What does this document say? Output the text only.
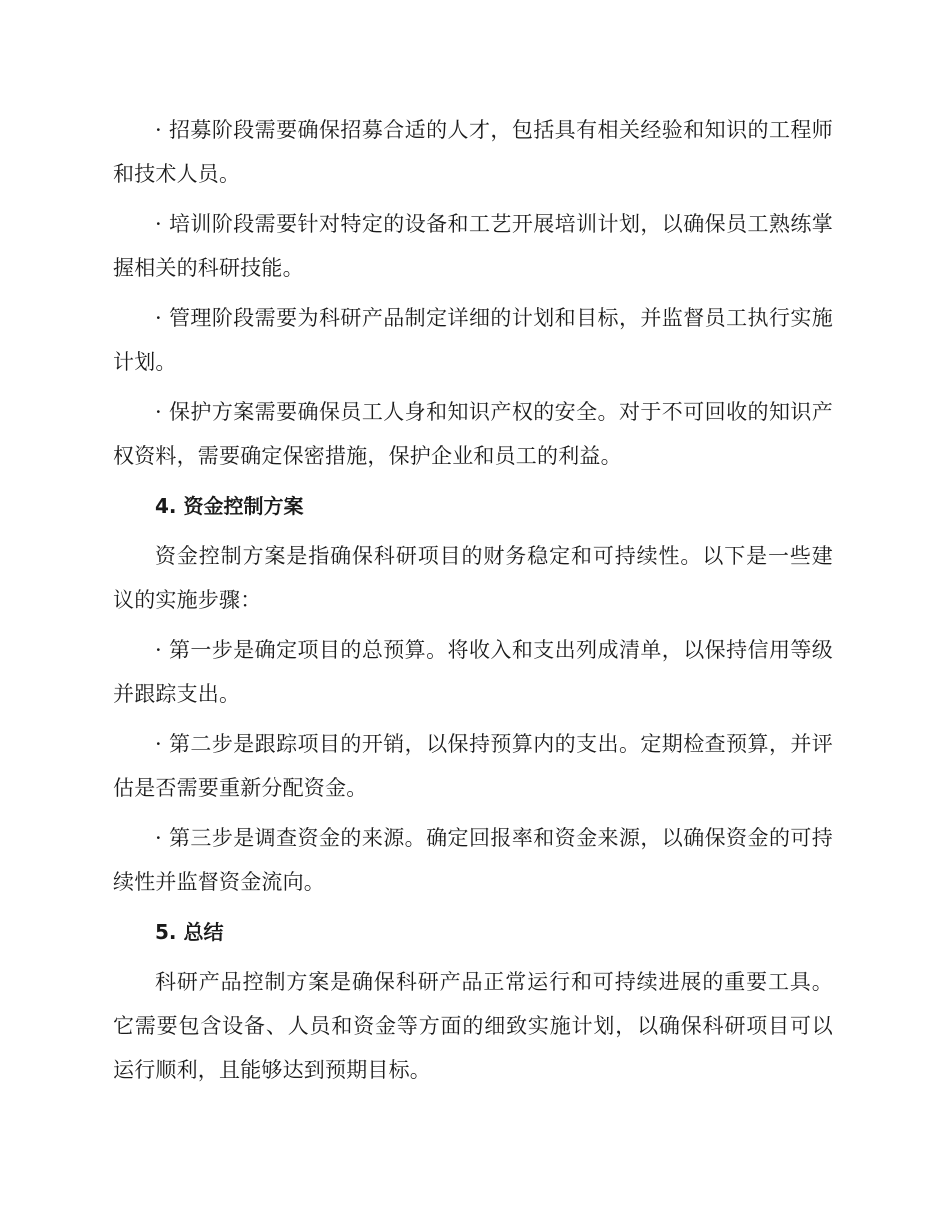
· 招募阶段需要确保招募合适的人才，包括具有相关经验和知识的工程师和技术人员。

· 培训阶段需要针对特定的设备和工艺开展培训计划，以确保员工熟练掌握相关的科研技能。

· 管理阶段需要为科研产品制定详细的计划和目标，并监督员工执行实施计划。

· 保护方案需要确保员工人身和知识产权的安全。对于不可回收的知识产权资料，需要确定保密措施，保护企业和员工的利益。

4. 资金控制方案

资金控制方案是指确保科研项目的财务稳定和可持续性。以下是一些建议的实施步骤：

· 第一步是确定项目的总预算。将收入和支出列成清单，以保持信用等级并跟踪支出。

· 第二步是跟踪项目的开销，以保持预算内的支出。定期检查预算，并评估是否需要重新分配资金。

· 第三步是调查资金的来源。确定回报率和资金来源，以确保资金的可持续性并监督资金流向。

5. 总结

科研产品控制方案是确保科研产品正常运行和可持续进展的重要工具。它需要包含设备、人员和资金等方面的细致实施计划，以确保科研项目可以运行顺利，且能够达到预期目标。
